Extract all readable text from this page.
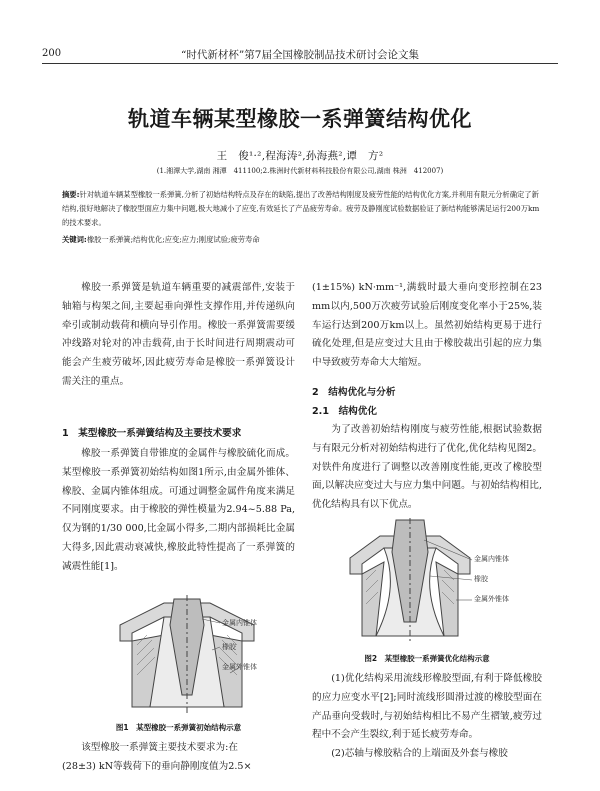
200	“时代新材杯”第7届全国橡胶制品技术研讨会论文集
轨道车辆某型橡胶一系弹簧结构优化
王　俊¹·²,程海涛²,孙海燕²,谭　方²
(1.湘潭大学,湖南 湘潭　411100;2.株洲时代新材料科技股份有限公司,湖南 株洲　412007)
摘要:针对轨道车辆某型橡胶一系弹簧,分析了初始结构特点及存在的缺陷,提出了改善结构刚度及疲劳性能的结构优化方案,并利用有限元分析确定了新结构,很好地解决了橡胶型面应力集中问题,极大地减小了应变,有效延长了产品疲劳寿命。疲劳及静刚度试验数据验证了新结构能够满足运行200万km的技术要求。
关键词:橡胶一系弹簧;结构优化;应变;应力;刚度试验;疲劳寿命

橡胶一系弹簧是轨道车辆重要的减震部件,安装于轴箱与构架之间,主要起垂向弹性支撑作用,并传递纵向牵引或制动载荷和横向导引作用。橡胶一系弹簧需要缓冲线路对轮对的冲击载荷,由于长时间进行周期震动可能会产生疲劳破坏,因此疲劳寿命是橡胶一系弹簧设计需关注的重点。

1　某型橡胶一系弹簧结构及主要技术要求

橡胶一系弹簧自带锥度的金属件与橡胶硫化而成。某型橡胶一系弹簧初始结构如图1所示,由金属外锥体、橡胶、金属内锥体组成。可通过调整金属件角度来满足不同刚度要求。由于橡胶的弹性模量为2.94~5.88 Pa,仅为钢的1/30 000,比金属小得多,二期内部损耗比金属大得多,因此震动衰减快,橡胶此特性提高了一系弹簧的减震性能[1]。

金属内锥体
橡胶
金属外锥体
图1　某型橡胶一系弹簧初始结构示意

该型橡胶一系弹簧主要技术要求为:在

(28±3) kN等载荷下的垂向静刚度值为2.5×

(1±15%) kN·mm⁻¹,满载时最大垂向变形控制在23 mm以内,500万次疲劳试验后刚度变化率小于25%,装车运行达到200万km以上。虽然初始结构更易于进行硫化处理,但是应变过大且由于橡胶裁出引起的应力集中导致疲劳寿命大大缩短。

2　结构优化与分析
2.1　结构优化

为了改善初始结构刚度与疲劳性能,根据试验数据与有限元分析对初始结构进行了优化,优化结构见图2。对铁件角度进行了调整以改善刚度性能,更改了橡胶型面,以解决应变过大与应力集中问题。与初始结构相比,优化结构具有以下优点。

金属内锥体
橡胶
金属外锥体
图2　某型橡胶一系弹簧优化结构示意

(1)优化结构采用流线形橡胶型面,有利于降低橡胶的应力应变水平[2];同时流线形圆滑过渡的橡胶型面在产品垂向受载时,与初始结构相比不易产生褶皱,疲劳过程中不会产生裂纹,利于延长疲劳寿命。

(2)芯轴与橡胶粘合的上端面及外套与橡胶
